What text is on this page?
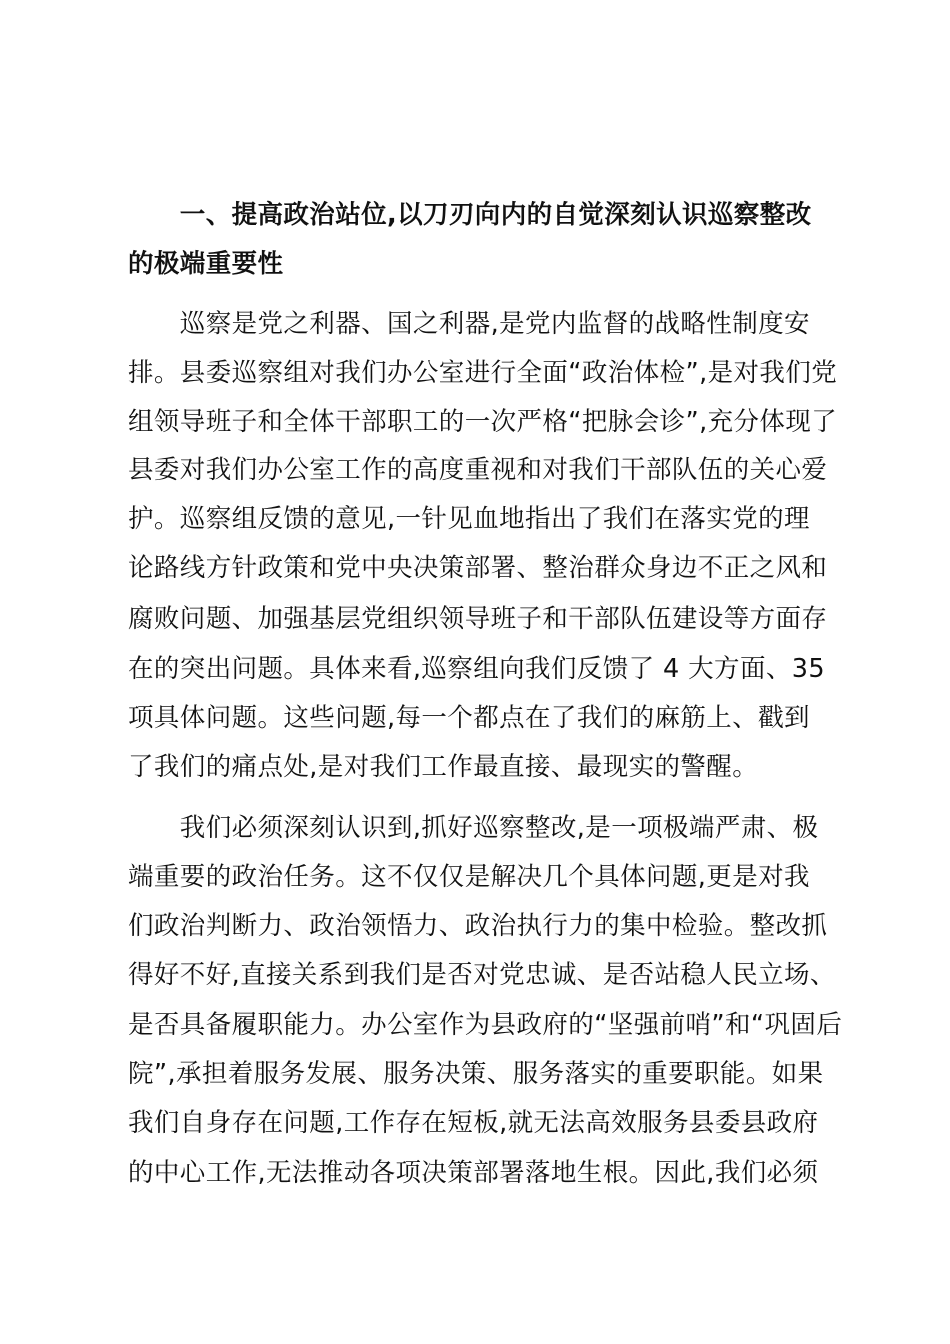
　　一、提高政治站位,以刀刃向内的自觉深刻认识巡察整改
的极端重要性
　　巡察是党之利器、国之利器,是党内监督的战略性制度安
排。县委巡察组对我们办公室进行全面“政治体检”,是对我们党
组领导班子和全体干部职工的一次严格“把脉会诊”,充分体现了
县委对我们办公室工作的高度重视和对我们干部队伍的关心爱
护。巡察组反馈的意见,一针见血地指出了我们在落实党的理
论路线方针政策和党中央决策部署、整治群众身边不正之风和
腐败问题、加强基层党组织领导班子和干部队伍建设等方面存
在的突出问题。具体来看,巡察组向我们反馈了 4 大方面、35
项具体问题。这些问题,每一个都点在了我们的麻筋上、戳到
了我们的痛点处,是对我们工作最直接、最现实的警醒。
　　我们必须深刻认识到,抓好巡察整改,是一项极端严肃、极
端重要的政治任务。这不仅仅是解决几个具体问题,更是对我
们政治判断力、政治领悟力、政治执行力的集中检验。整改抓
得好不好,直接关系到我们是否对党忠诚、是否站稳人民立场、
是否具备履职能力。办公室作为县政府的“坚强前哨”和“巩固后
院”,承担着服务发展、服务决策、服务落实的重要职能。如果
我们自身存在问题,工作存在短板,就无法高效服务县委县政府
的中心工作,无法推动各项决策部署落地生根。因此,我们必须
